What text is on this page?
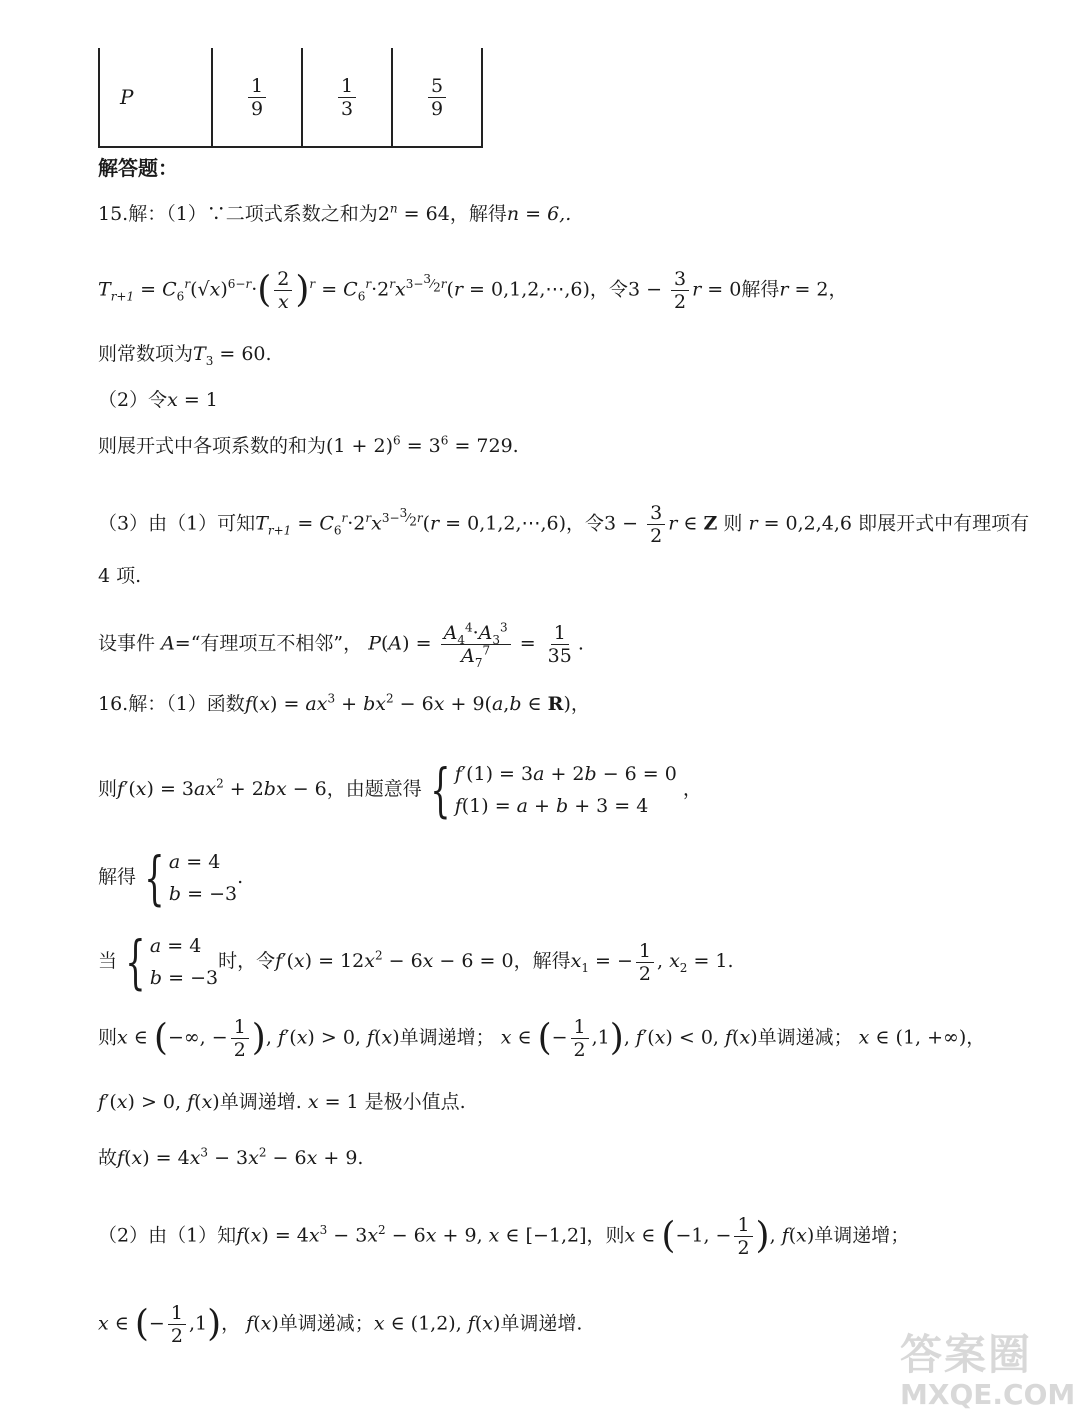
P	$\frac{1}{9}$	$\frac{1}{3}$	$\frac{5}{9}$
解答题：
15.解：（1）∵二项式系数之和为$2^n = 64$，解得n = 6,.
$T_{r+1} = C_6^r(√x)^{6-r}\cdot( \frac{2}{x} )^r = C_6^r\cdot 2^rx^{3-^3⁄_2r}(r$ = 0,1,2,⋯,6)，令$3 - \frac{3}{2}$ r = 0解得r = 2，
则常数项为$T_3 = 60$.
（2）令x = 1
则展开式中各项系数的和为$(1 + 2)^6 = 3^6 = 729$.
（3）由（1）可知$T_{r+1} = C_6^r\cdot 2^rx^{3-^3⁄_2r}(r$ = 0,1,2,⋯,6)，令$3 - \frac{3}{2}$ r ∈ Z 则 r = 0,2,4,6 即展开式中有理项有
4 项.
设事件 A=“有理项互不相邻”， $P(A) = \frac{A_4^4\cdot A_3^3}{A_7^7} = \frac{1}{35}$ .
16.解：（1）函数$f(x) = ax^3 + bx^2 - 6x + 9(a,b$ ∈ R)，
则$f'(x) = 3ax^2 + 2bx - 6$，由题意得 { f′(1) = 3a + 2b − 6 = 0
f(1) = a + b + 3 = 4
，
解得 { a = 4
b = −3
.
当 { a = 4
b = −3
时，令$f'(x) = 12x^2 - 6x - 6 = 0$，解得$x_1$ = − $\frac{1}{2}$ , $x_2 = 1$.
则x ∈ (−∞, − $\frac{1}{2}$ ), f′(x) > 0, f(x)单调递增； x ∈ (− $\frac{1}{2} ,1$), f′(x) < 0, f(x)单调递减； x ∈ (1, +∞)，
f′(x) > 0, f(x)单调递增. x = 1 是极小值点.
故$f(x) = 4x^3 - 3x^2 - 6x + 9$.
（2）由（1）知$f(x) = 4x^3 - 3x^2 - 6x + 9$, x ∈ [−1,2]，则x ∈ (−1, − $\frac{1}{2}$ ), f(x)单调递增；
x ∈ (− $\frac{1}{2} ,1$)， f(x)单调递减；x ∈ (1,2), f(x)单调递增.
答案圈
MXQE.COM
